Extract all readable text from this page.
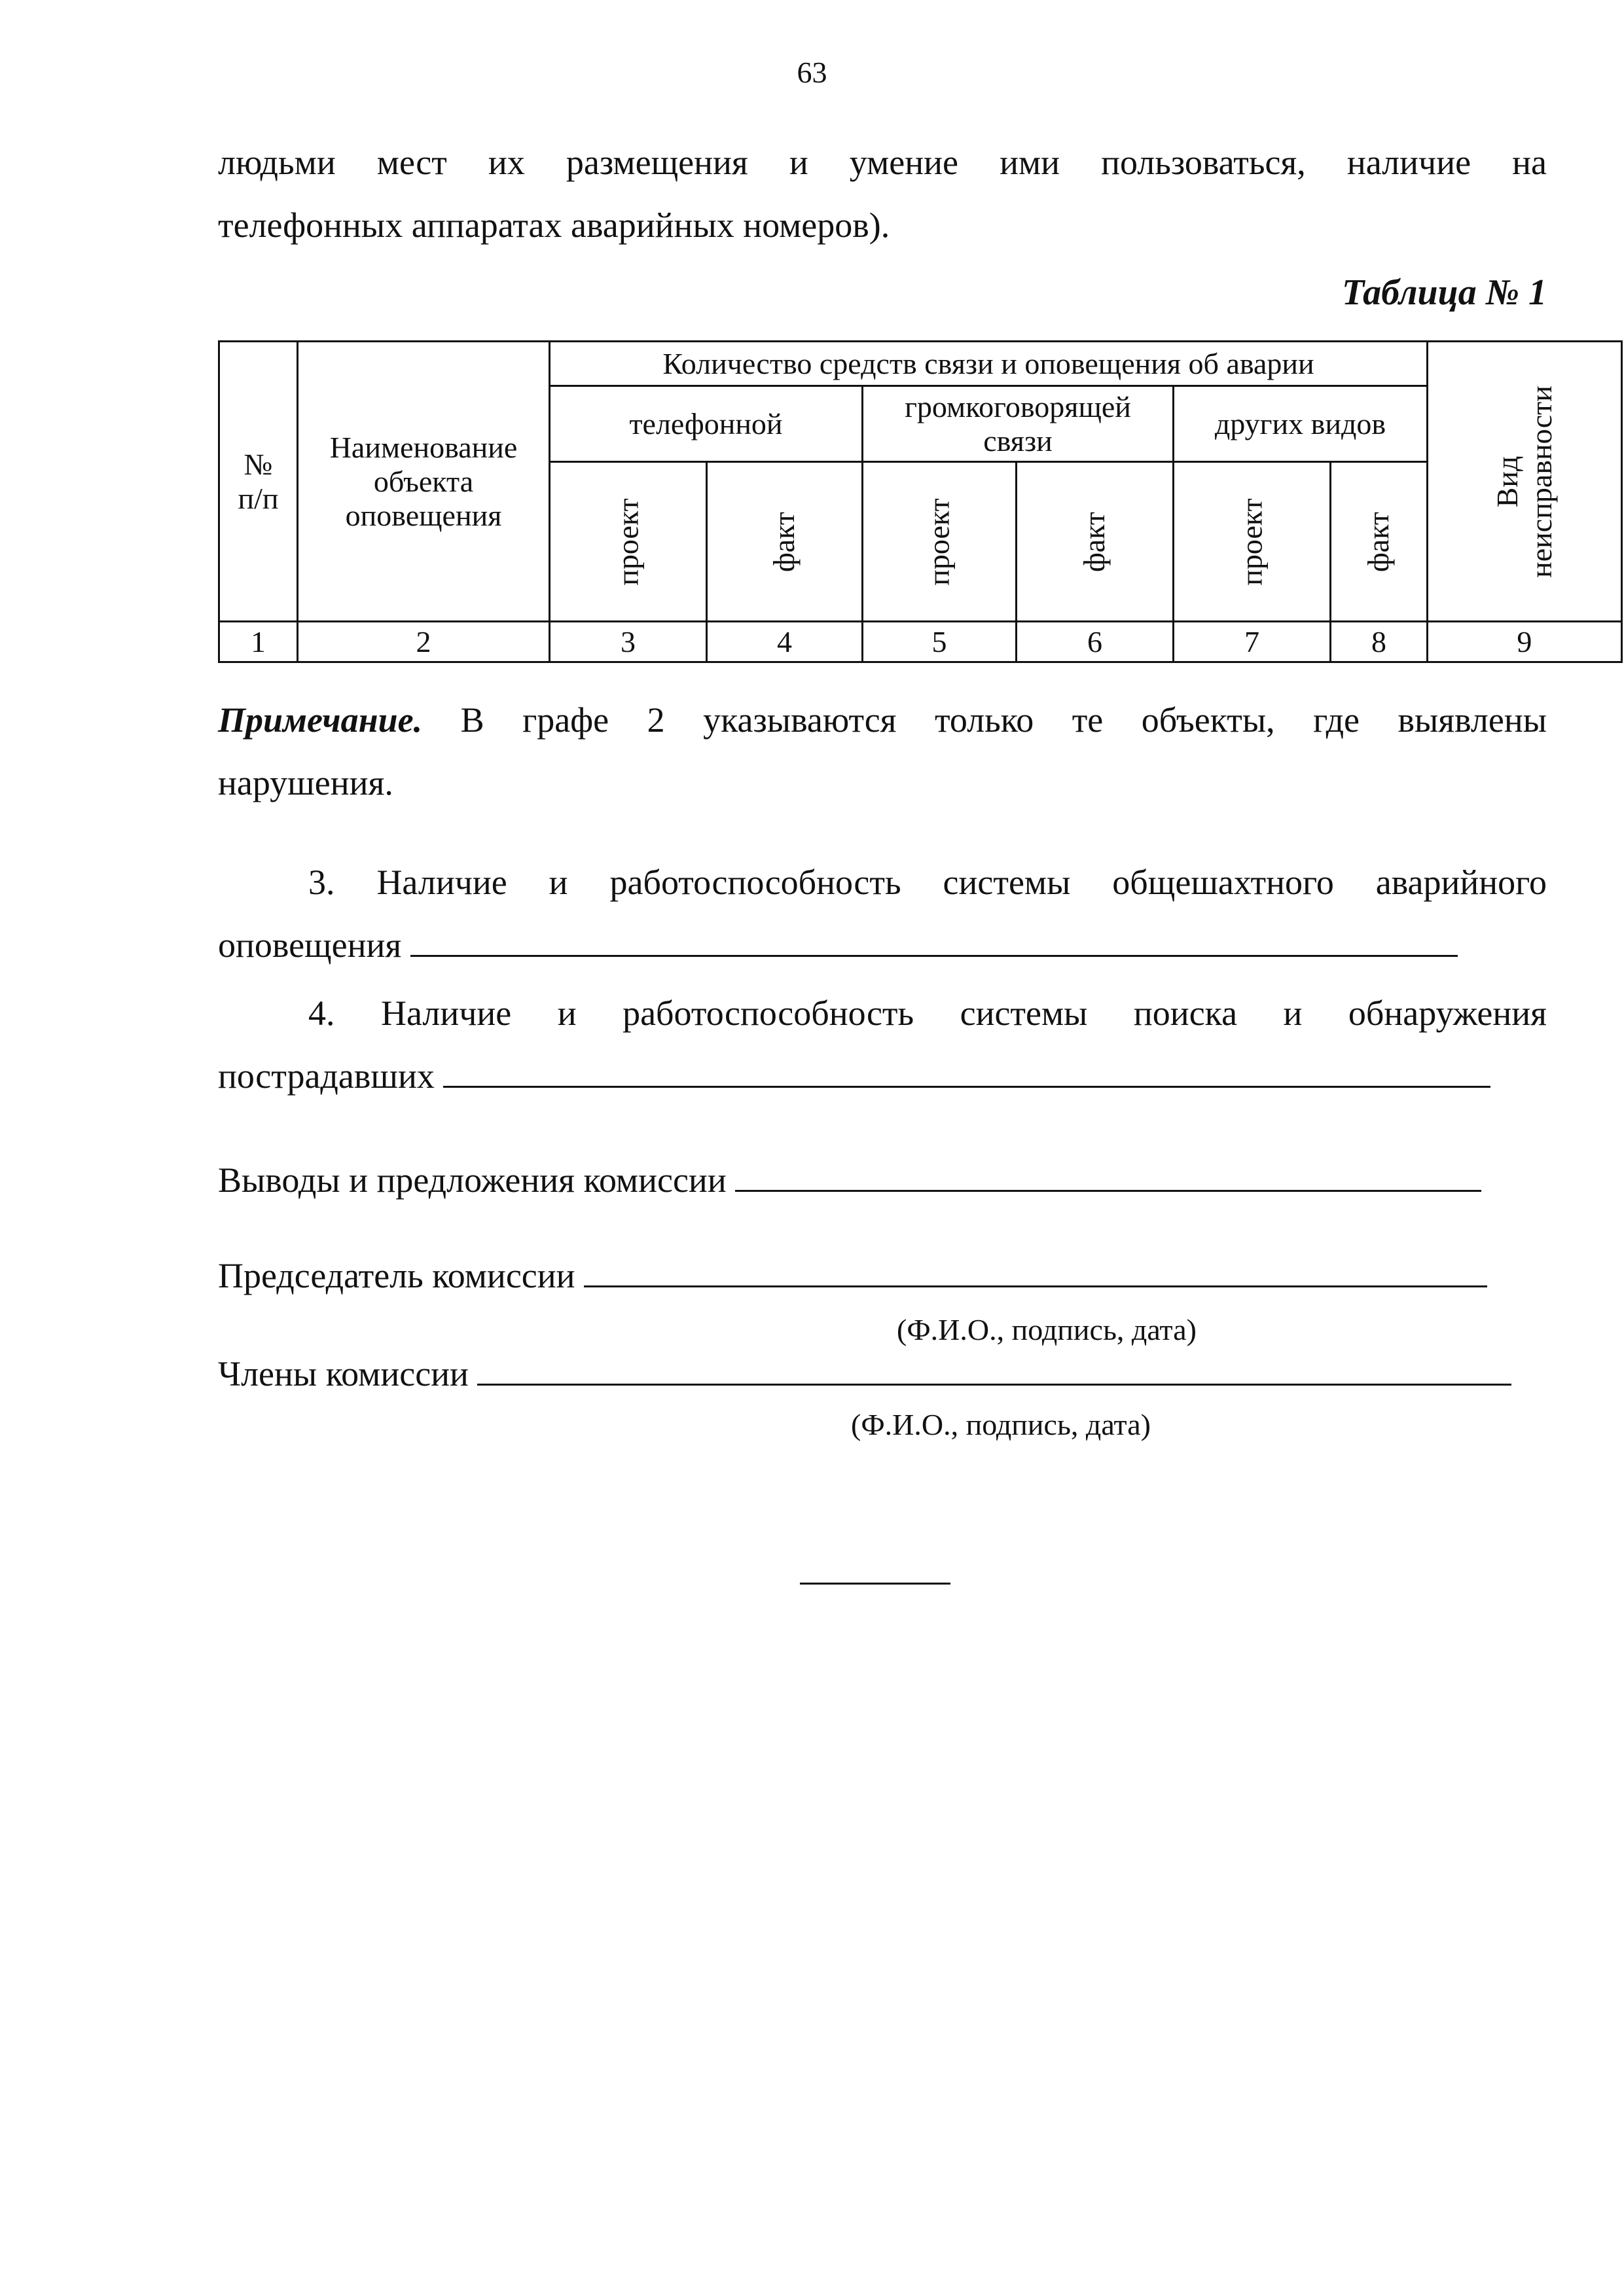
63
людьми мест их размещения и умение ими пользоваться, наличие на
телефонных аппаратах аварийных номеров).
Таблица № 1
№ п/п	Наименование объекта оповещения	Количество средств связи и оповещения об аварии						Вид
неисправности
		телефонной		громкоговорящей связи		других видов		
		проект	факт	проект	факт	проект	факт	
1	2	3	4	5	6	7	8	9
Примечание. В графе 2 указываются только те объекты, где выявлены
нарушения.
3. Наличие и работоспособность системы общешахтного аварийного
оповещения
4. Наличие и работоспособность системы поиска и обнаружения
пострадавших
Выводы и предложения комиссии
Председатель комиссии
(Ф.И.О., подпись, дата)
Члены комиссии
(Ф.И.О., подпись, дата)
